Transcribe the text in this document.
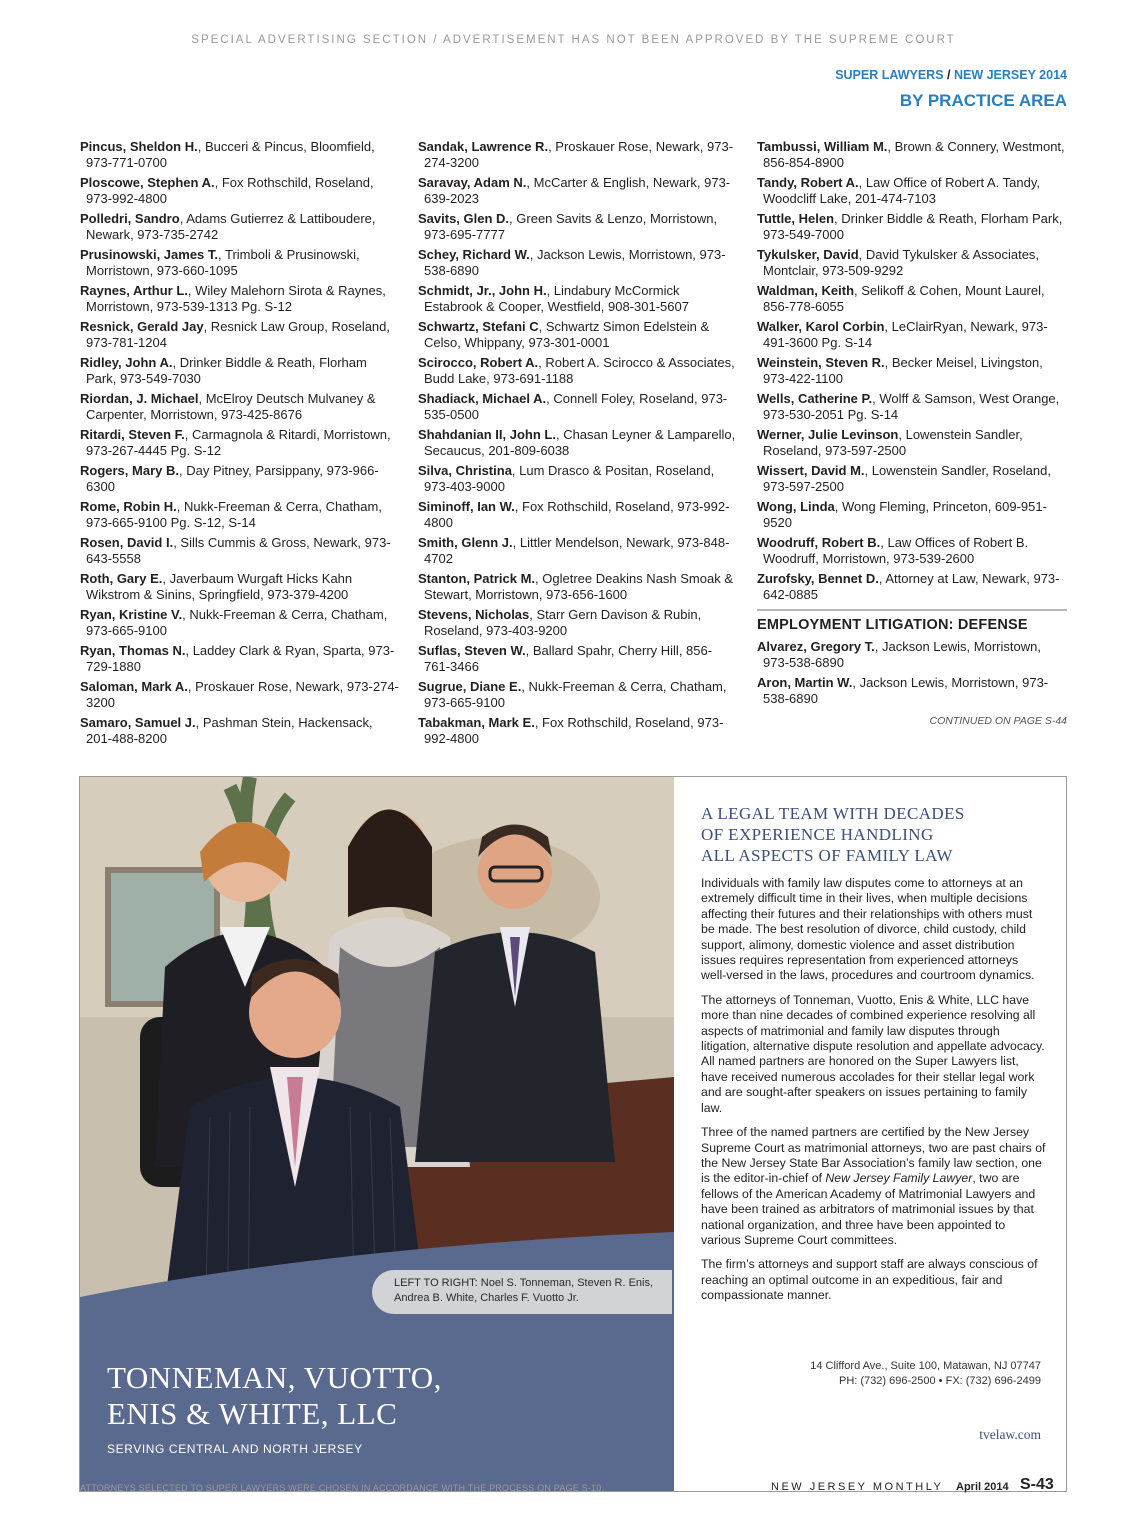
SPECIAL ADVERTISING SECTION / ADVERTISEMENT HAS NOT BEEN APPROVED BY THE SUPREME COURT
SUPER LAWYERS / NEW JERSEY 2014
BY PRACTICE AREA
Pincus, Sheldon H., Bucceri & Pincus, Bloomfield, 973-771-0700
Ploscowe, Stephen A., Fox Rothschild, Roseland, 973-992-4800
Polledri, Sandro, Adams Gutierrez & Lattiboudere, Newark, 973-735-2742
Prusinowski, James T., Trimboli & Prusinowski, Morristown, 973-660-1095
Raynes, Arthur L., Wiley Malehorn Sirota & Raynes, Morristown, 973-539-1313 Pg. S-12
Resnick, Gerald Jay, Resnick Law Group, Roseland, 973-781-1204
Ridley, John A., Drinker Biddle & Reath, Florham Park, 973-549-7030
Riordan, J. Michael, McElroy Deutsch Mulvaney & Carpenter, Morristown, 973-425-8676
Ritardi, Steven F., Carmagnola & Ritardi, Morristown, 973-267-4445 Pg. S-12
Rogers, Mary B., Day Pitney, Parsippany, 973-966-6300
Rome, Robin H., Nukk-Freeman & Cerra, Chatham, 973-665-9100 Pg. S-12, S-14
Rosen, David I., Sills Cummis & Gross, Newark, 973-643-5558
Roth, Gary E., Javerbaum Wurgaft Hicks Kahn Wikstrom & Sinins, Springfield, 973-379-4200
Ryan, Kristine V., Nukk-Freeman & Cerra, Chatham, 973-665-9100
Ryan, Thomas N., Laddey Clark & Ryan, Sparta, 973-729-1880
Saloman, Mark A., Proskauer Rose, Newark, 973-274-3200
Samaro, Samuel J., Pashman Stein, Hackensack, 201-488-8200
Sandak, Lawrence R., Proskauer Rose, Newark, 973-274-3200
Saravay, Adam N., McCarter & English, Newark, 973-639-2023
Savits, Glen D., Green Savits & Lenzo, Morristown, 973-695-7777
Schey, Richard W., Jackson Lewis, Morristown, 973-538-6890
Schmidt, Jr., John H., Lindabury McCormick Estabrook & Cooper, Westfield, 908-301-5607
Schwartz, Stefani C, Schwartz Simon Edelstein & Celso, Whippany, 973-301-0001
Scirocco, Robert A., Robert A. Scirocco & Associates, Budd Lake, 973-691-1188
Shadiack, Michael A., Connell Foley, Roseland, 973-535-0500
Shahdanian II, John L., Chasan Leyner & Lamparello, Secaucus, 201-809-6038
Silva, Christina, Lum Drasco & Positan, Roseland, 973-403-9000
Siminoff, Ian W., Fox Rothschild, Roseland, 973-992-4800
Smith, Glenn J., Littler Mendelson, Newark, 973-848-4702
Stanton, Patrick M., Ogletree Deakins Nash Smoak & Stewart, Morristown, 973-656-1600
Stevens, Nicholas, Starr Gern Davison & Rubin, Roseland, 973-403-9200
Suflas, Steven W., Ballard Spahr, Cherry Hill, 856-761-3466
Sugrue, Diane E., Nukk-Freeman & Cerra, Chatham, 973-665-9100
Tabakman, Mark E., Fox Rothschild, Roseland, 973-992-4800
Tambussi, William M., Brown & Connery, Westmont, 856-854-8900
Tandy, Robert A., Law Office of Robert A. Tandy, Woodcliff Lake, 201-474-7103
Tuttle, Helen, Drinker Biddle & Reath, Florham Park, 973-549-7000
Tykulsker, David, David Tykulsker & Associates, Montclair, 973-509-9292
Waldman, Keith, Selikoff & Cohen, Mount Laurel, 856-778-6055
Walker, Karol Corbin, LeClairRyan, Newark, 973-491-3600 Pg. S-14
Weinstein, Steven R., Becker Meisel, Livingston, 973-422-1100
Wells, Catherine P., Wolff & Samson, West Orange, 973-530-2051 Pg. S-14
Werner, Julie Levinson, Lowenstein Sandler, Roseland, 973-597-2500
Wissert, David M., Lowenstein Sandler, Roseland, 973-597-2500
Wong, Linda, Wong Fleming, Princeton, 609-951-9520
Woodruff, Robert B., Law Offices of Robert B. Woodruff, Morristown, 973-539-2600
Zurofsky, Bennet D., Attorney at Law, Newark, 973-642-0885
EMPLOYMENT LITIGATION: DEFENSE
Alvarez, Gregory T., Jackson Lewis, Morristown, 973-538-6890
Aron, Martin W., Jackson Lewis, Morristown, 973-538-6890
CONTINUED ON PAGE S-44
LEFT TO RIGHT: Noel S. Tonneman, Steven R. Enis,
Andrea B. White, Charles F. Vuotto Jr.
TONNEMAN, VUOTTO,
ENIS & WHITE, LLC
SERVING CENTRAL AND NORTH JERSEY
A LEGAL TEAM WITH DECADES
OF EXPERIENCE HANDLING
ALL ASPECTS OF FAMILY LAW

Individuals with family law disputes come to attorneys at an extremely difficult time in their lives, when multiple decisions affecting their futures and their relationships with others must be made. The best resolution of divorce, child custody, child support, alimony, domestic violence and asset distribution issues requires representation from experienced attorneys well-versed in the laws, procedures and courtroom dynamics.

The attorneys of Tonneman, Vuotto, Enis & White, LLC have more than nine decades of combined experience resolving all aspects of matrimonial and family law disputes through litigation, alternative dispute resolution and appellate advocacy. All named partners are honored on the Super Lawyers list, have received numerous accolades for their stellar legal work and are sought-after speakers on issues pertaining to family law.

Three of the named partners are certified by the New Jersey Supreme Court as matrimonial attorneys, two are past chairs of the New Jersey State Bar Association’s family law section, one is the editor-in-chief of New Jersey Family Lawyer, two are fellows of the American Academy of Matrimonial Lawyers and have been trained as arbitrators of matrimonial issues by that national organization, and three have been appointed to various Supreme Court committees.

The firm’s attorneys and support staff are always conscious of reaching an optimal outcome in an expeditious, fair and compassionate manner.

14 Clifford Ave., Suite 100, Matawan, NJ 07747
PH: (732) 696-2500 • FX: (732) 696-2499
tvelaw.com
ATTORNEYS SELECTED TO SUPER LAWYERS WERE CHOSEN IN ACCORDANCE WITH THE PROCESS ON PAGE S-10.	NEW JERSEY MONTHLY April 2014 S-43
